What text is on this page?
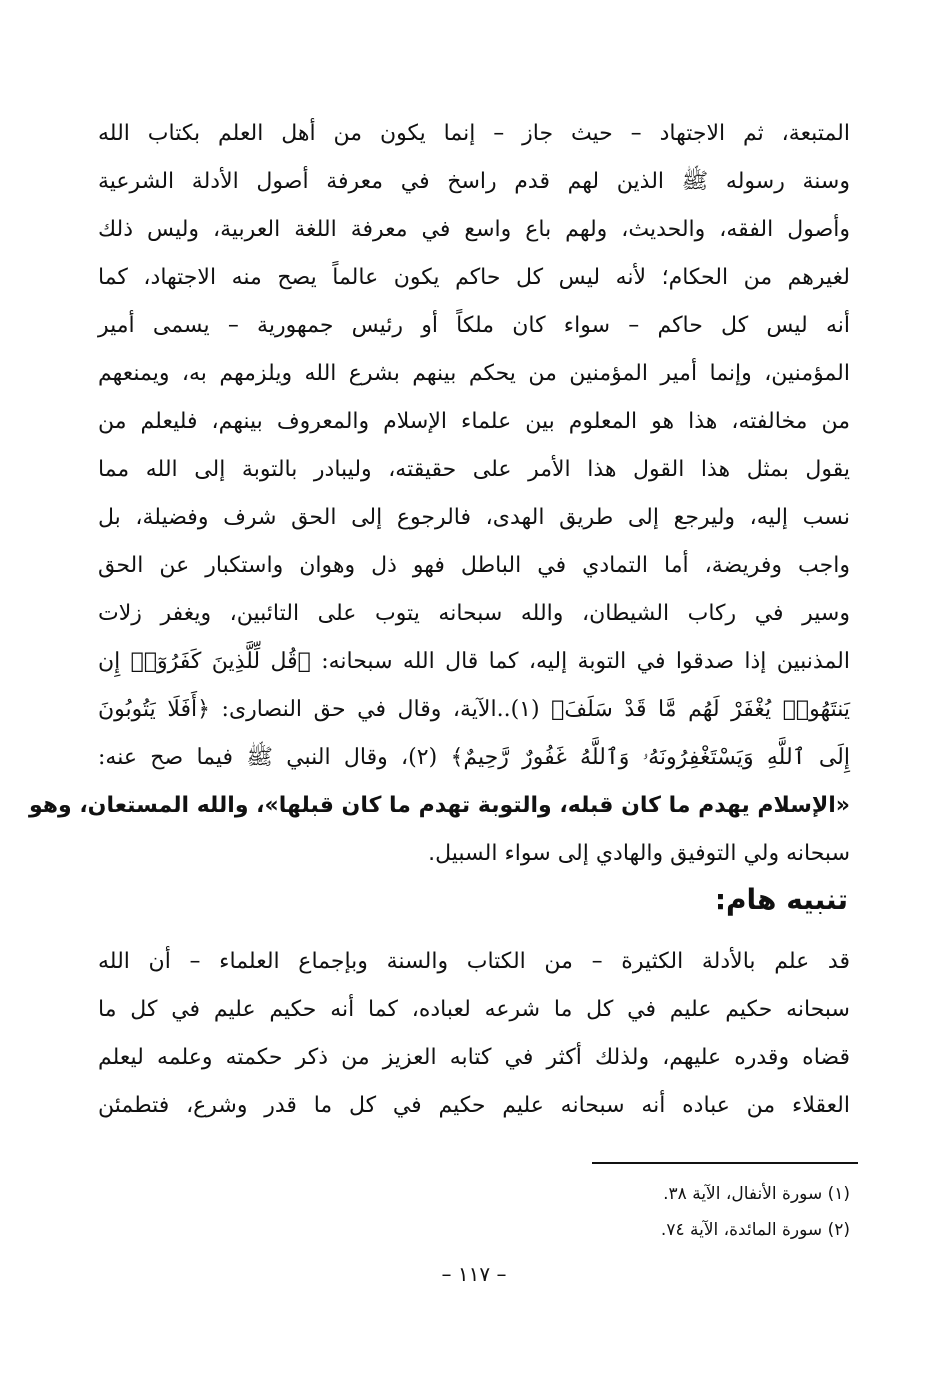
المتبعة، ثم الاجتهاد – حيث جاز – إنما يكون من أهل العلم بكتاب الله
وسنة رسوله ﷺ الذين لهم قدم راسخ في معرفة أصول الأدلة الشرعية
وأصول الفقه، والحديث، ولهم باع واسع في معرفة اللغة العربية، وليس ذلك
لغيرهم من الحكام؛ لأنه ليس كل حاكم يكون عالماً يصح منه الاجتهاد، كما
أنه ليس كل حاكم – سواء كان ملكاً أو رئيس جمهورية – يسمى أمير
المؤمنين، وإنما أمير المؤمنين من يحكم بينهم بشرع الله ويلزمهم به، ويمنعهم
من مخالفته، هذا هو المعلوم بين علماء الإسلام والمعروف بينهم، فليعلم من
يقول بمثل هذا القول هذا الأمر على حقيقته، وليبادر بالتوبة إلى الله مما
نسب إليه، وليرجع إلى طريق الهدى، فالرجوع إلى الحق شرف وفضيلة، بل
واجب وفريضة، أما التمادي في الباطل فهو ذل وهوان واستكبار عن الحق
وسير في ركاب الشيطان، والله سبحانه يتوب على التائبين، ويغفر زلات
المذنبين إذا صدقوا في التوبة إليه، كما قال الله سبحانه: ﴿قُل لِّلَّذِينَ كَفَرُوٓا۟ إِن
يَنتَهُوا۟ يُغْفَرْ لَهُم مَّا قَدْ سَلَفَ﴾ (١)..الآية، وقال في حق النصارى: ﴿أَفَلَا يَتُوبُونَ
إِلَى ٱللَّهِ وَيَسْتَغْفِرُونَهُۥ وَٱللَّهُ غَفُورٌ رَّحِيمٌ﴾ (٢)، وقال النبي ﷺ فيما صح عنه:
«الإسلام يهدم ما كان قبله، والتوبة تهدم ما كان قبلها»، والله المستعان، وهو
سبحانه ولي التوفيق والهادي إلى سواء السبيل.
تنبيه هام:
قد علم بالأدلة الكثيرة – من الكتاب والسنة وبإجماع العلماء – أن الله
سبحانه حكيم عليم في كل ما شرعه لعباده، كما أنه حكيم عليم في كل ما
قضاه وقدره عليهم، ولذلك أكثر في كتابه العزيز من ذكر حكمته وعلمه ليعلم
العقلاء من عباده أنه سبحانه عليم حكيم في كل ما قدر وشرع، فتطمئن
(١) سورة الأنفال، الآية ٣٨.
(٢) سورة المائدة، الآية ٧٤.
– ١١٧ –
